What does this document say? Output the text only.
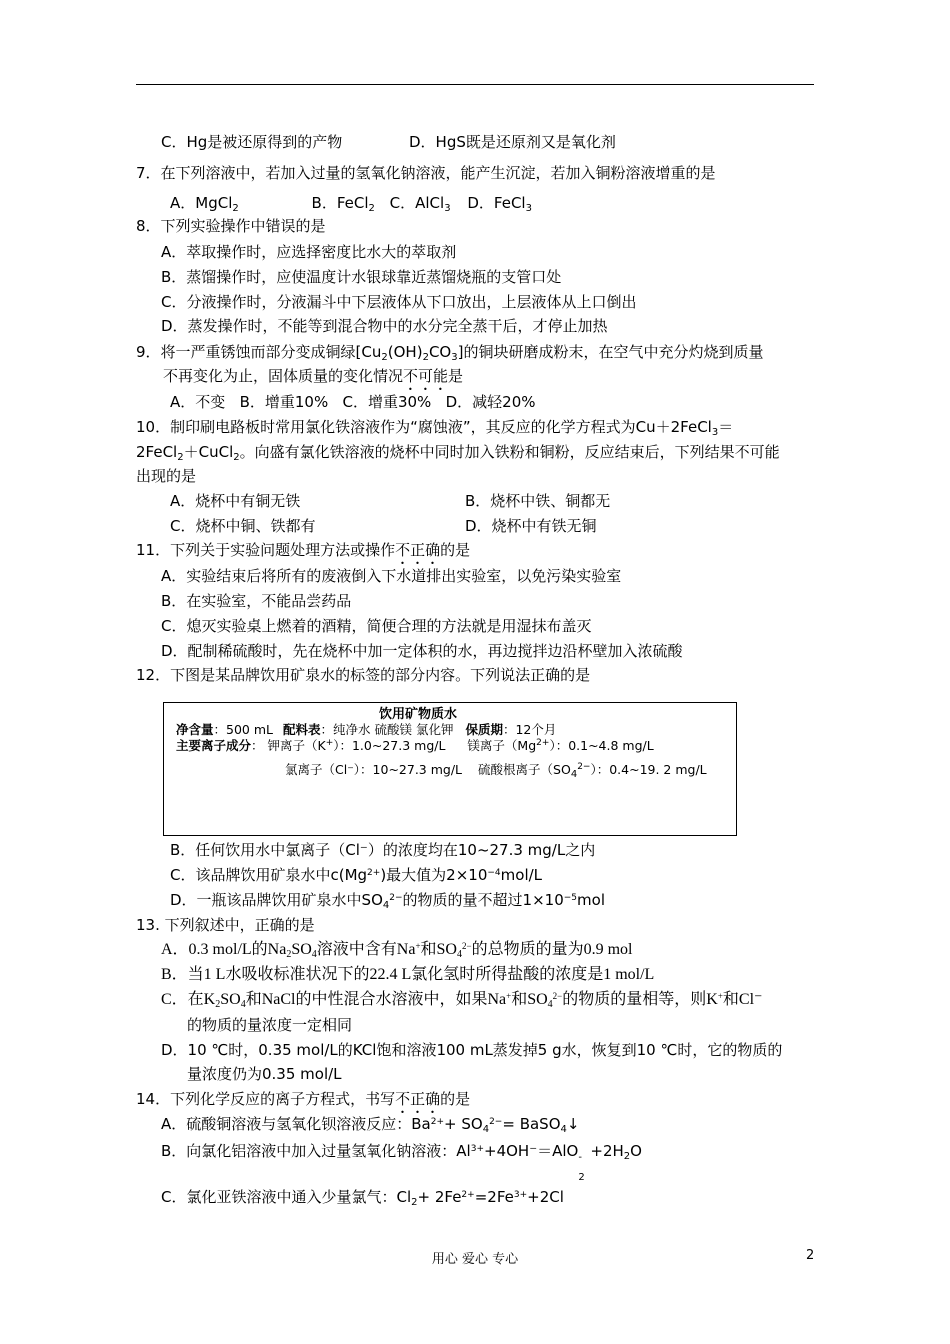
C．Hg是被还原得到的产物	D．HgS既是还原剂又是氧化剂
7．在下列溶液中，若加入过量的氢氧化钠溶液，能产生沉淀，若加入铜粉溶液增重的是
A．MgCl$_2$	B．FeCl$_2$ C．AlCl$_3$ D．FeCl$_3$
8．下列实验操作中错误的是
A．萃取操作时，应选择密度比水大的萃取剂
B．蒸馏操作时，应使温度计水银球靠近蒸馏烧瓶的支管口处
C．分液操作时，分液漏斗中下层液体从下口放出，上层液体从上口倒出
D．蒸发操作时，不能等到混合物中的水分完全蒸干后，才停止加热
9．将一严重锈蚀而部分变成铜绿$[Cu_2(OH)_2CO_3]$的铜块研磨成粉末，在空气中充分灼烧到质量
不再变化为止，固体质量的变化情况不可能是
A．不变   B．增重10%   C．增重30%   D．减轻20%
10．制印刷电路板时常用氯化铁溶液作为“腐蚀液”，其反应的化学方程式为Cu＋2FeCl$_3$＝
2FeCl$_2$＋CuCl$_2$。向盛有氯化铁溶液的烧杯中同时加入铁粉和铜粉，反应结束后，下列结果不可能
出现的是
A．烧杯中有铜无铁	B．烧杯中铁、铜都无
C．烧杯中铜、铁都有	D．烧杯中有铁无铜
11．下列关于实验问题处理方法或操作不正确的是
A．实验结束后将所有的废液倒入下水道排出实验室，以免污染实验室
B．在实验室，不能品尝药品
C．熄灭实验桌上燃着的酒精，简便合理的方法就是用湿抹布盖灭
D．配制稀硫酸时，先在烧杯中加一定体积的水，再边搅拌边沿杯壁加入浓硫酸
12．下图是某品牌饮用矿泉水的标签的部分内容。下列说法正确的是
饮用矿物质水
净含量：500 mL 配料表：纯净水 硫酸镁 氯化钾 保质期：12个月
主要离子成分： 钾离子（K+）：1.0~27.3 mg/L 镁离子$(Mg^{2+})$：0.1~4.8 mg/L
氯离子（Cl⁻）：10~27.3 mg/L 硫酸根离子$(SO_4^{2-})$：0.4~19. 2 mg/L
B．任何饮用水中氯离子（Cl⁻）的浓度均在10~27.3 mg/L之内
C．该品牌饮用矿泉水中$c(Mg^{2+})$最大值为$2\times 10^{-4}mol/L$
D．一瓶该品牌饮用矿泉水中$SO_4^{2-}$的物质的量不超过$1\times 10^{-5}mol$
13. 下列叙述中，正确的是
A．0.3 mol/L的$Na_2SO_4$溶液中含有Na+和$SO_4^{2-}$的总物质的量为0.9 mol
B．当1 L水吸收标准状况下的22.4 L氯化氢时所得盐酸的浓度是1 mol/L
C．在$K_2SO_4$和NaCl的中性混合水溶液中，如果Na+和$SO_4^{2-}$的物质的量相等，则K+和Cl⁻
的物质的量浓度一定相同
D．10 ℃时，0.35 mol/L的KCl饱和溶液100 mL蒸发掉5 g水，恢复到10 ℃时，它的物质的
量浓度仍为0.35 mol/L
14．下列化学反应的离子方程式，书写不正确的是
A．硫酸铜溶液与氢氧化钡溶液反应：$Ba^{2+}+ SO_4^{2-}=$ BaSO$_4$↓
B．向氯化铝溶液中加入过量氢氧化钠溶液：$Al^{3+}+4OH^-=AlO$ -
2
$+2H_2O$
C．氯化亚铁溶液中通入少量氯气：$Cl_2+ 2Fe^{2+}=2Fe^{3+}+2Cl$
用心 爱心 专心	2
